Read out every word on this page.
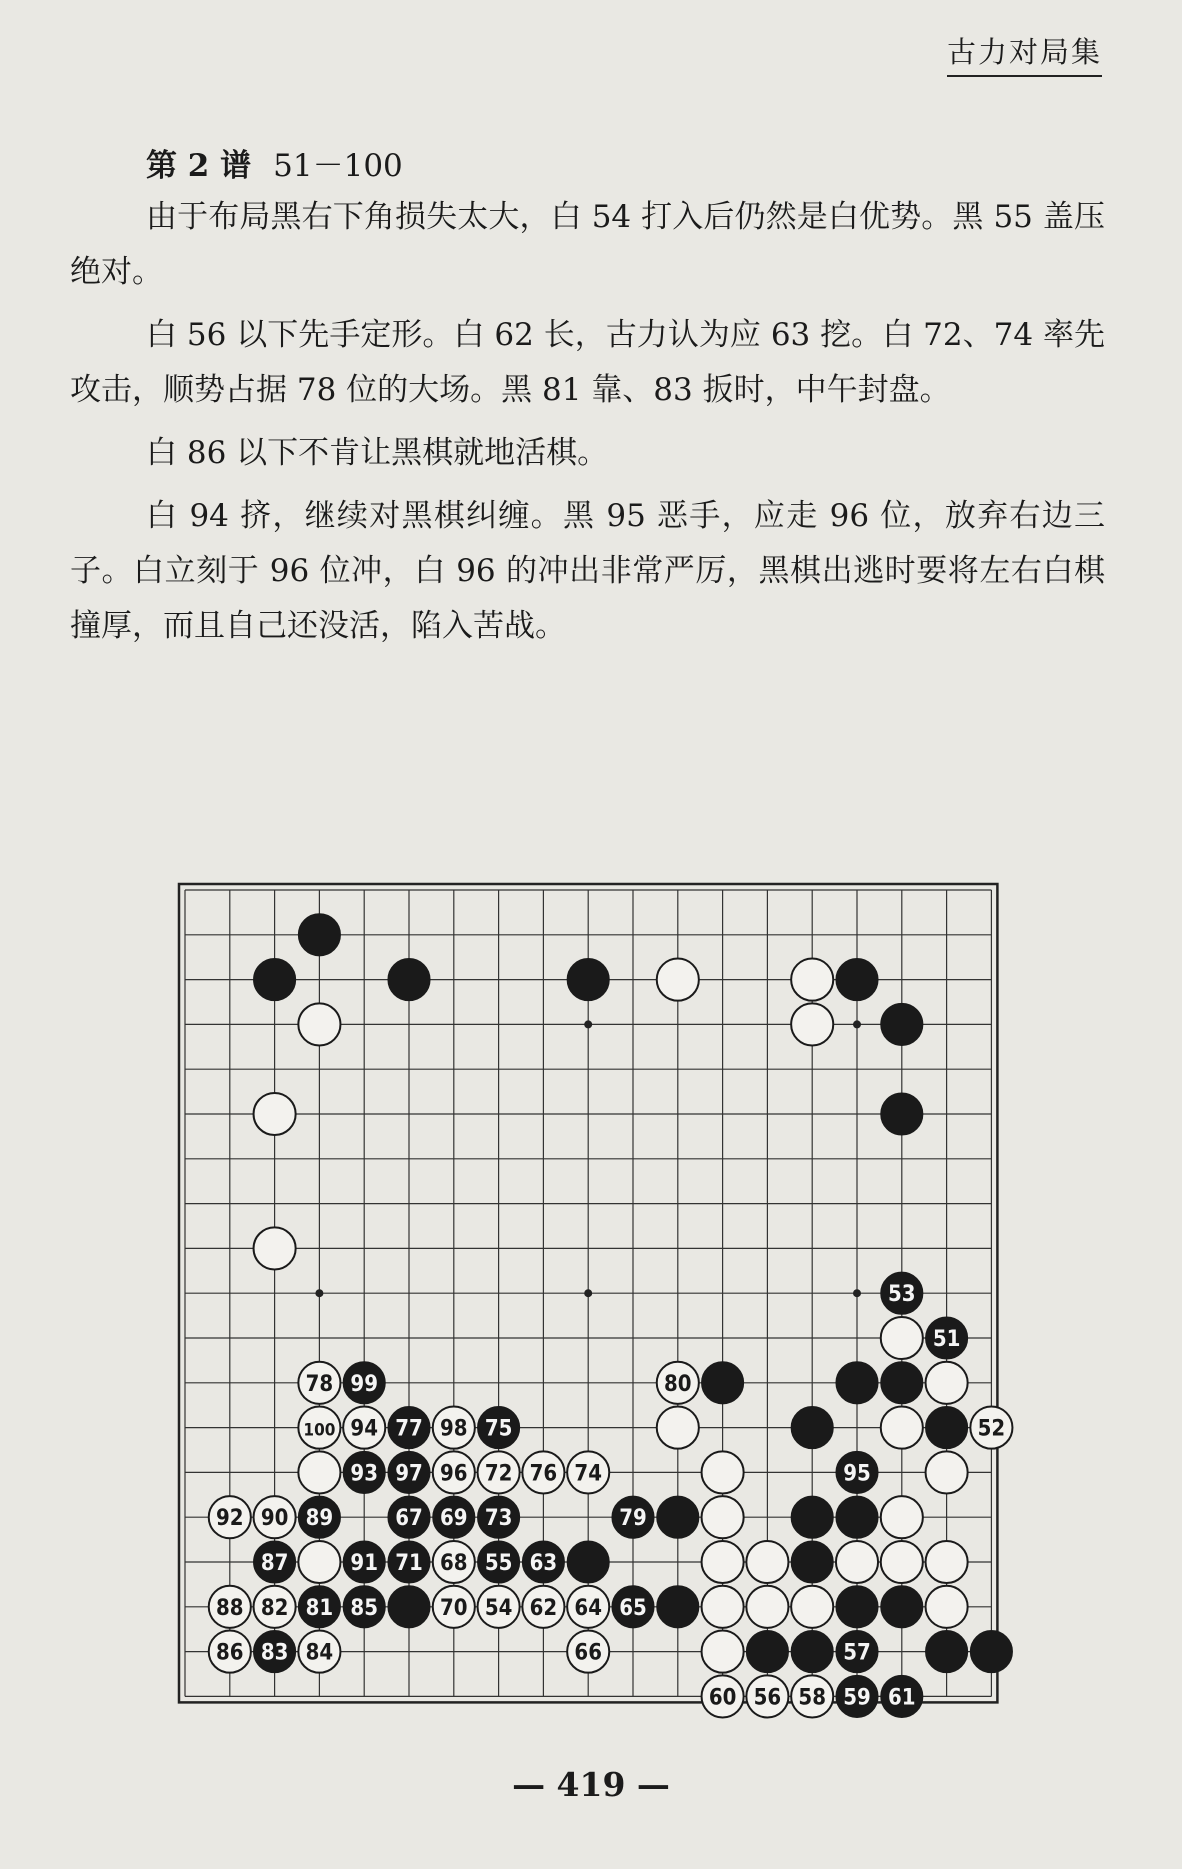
古力对局集
第 2 谱 51－100

由于布局黑右下角损失太大，白 54 打入后仍然是白优势。黑 55 盖压绝对。

白 56 以下先手定形。白 62 长，古力认为应 63 挖。白 72、74 率先攻击，顺势占据 78 位的大场。黑 81 靠、83 扳时，中午封盘。

白 86 以下不肯让黑棋就地活棋。

白 94 挤，继续对黑棋纠缠。黑 95 恶手，应走 96 位，放弃右边三子。白立刻于 96 位冲，白 96 的冲出非常严厉，黑棋出逃时要将左右白棋撞厚，而且自己还没活，陷入苦战。

53
51
78 99	80
100 94 77 98 75	52
93 97 96 72 76 74	95
92 90 89	67 69 73	79
87	91 71 68 55 63
88 82 81 85	70 54 62 64 65
86 83 84	66	57
60 56 58 59 61
— 419 —
